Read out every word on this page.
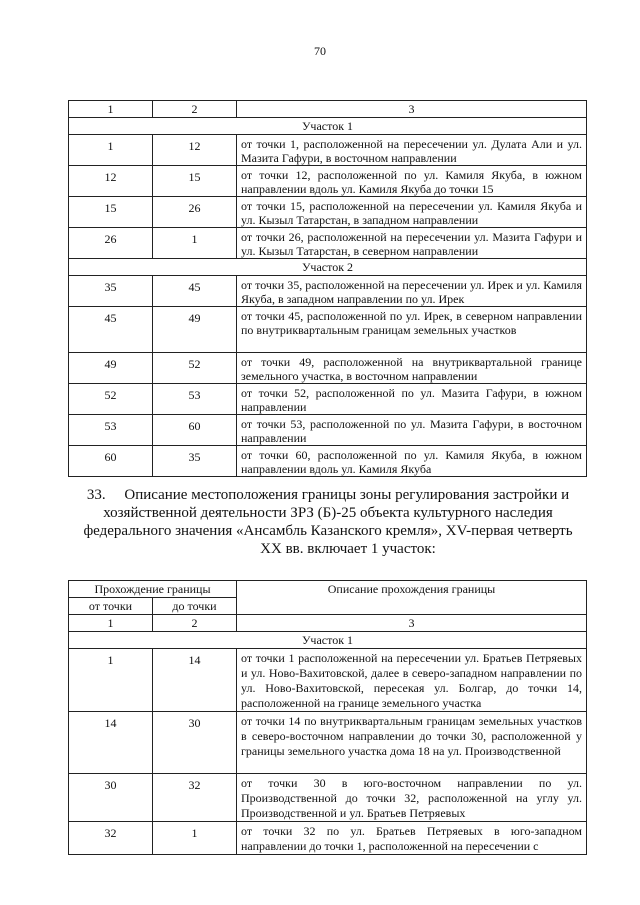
70
1	2	3
Участок 1		
1	12	от точки 1, расположенной на пересечении ул. Дулата Али и ул. Мазита Гафури, в восточном направлении
12	15	от точки 12, расположенной по ул. Камиля Якуба, в южном направлении вдоль ул. Камиля Якуба до точки 15
15	26	от точки 15, расположенной на пересечении ул. Камиля Якуба и ул. Кызыл Татарстан, в западном направлении
26	1	от точки 26, расположенной на пересечении ул. Мазита Гафури и ул. Кызыл Татарстан, в северном направлении
Участок 2		
35	45	от точки 35, расположенной на пересечении ул. Ирек и ул. Камиля Якуба, в западном направлении по ул. Ирек
45	49	от точки 45, расположенной по ул. Ирек, в северном направлении по внутриквартальным границам земельных участков
49	52	от точки 49, расположенной на внутриквартальной границе земельного участка, в восточном направлении
52	53	от точки 52, расположенной по ул. Мазита Гафури, в южном направлении
53	60	от точки 53, расположенной по ул. Мазита Гафури, в восточном направлении
60	35	от точки 60, расположенной по ул. Камиля Якуба, в южном направлении вдоль ул. Камиля Якуба
33.     Описание местоположения границы зоны регулирования застройки и
хозяйственной деятельности ЗРЗ (Б)-25 объекта культурного наследия
федерального значения «Ансамбль Казанского кремля», XV-первая четверть
XX вв. включает 1 участок:
Прохождение границы		Описание прохождения границы
от точки	до точки	
1	2	3
Участок 1		
1	14	от точки 1 расположенной на пересечении ул. Братьев Петряевых и ул. Ново-Вахитовской, далее в северо-западном направлении по ул. Ново-Вахитовской, пересекая ул. Болгар, до точки 14, расположенной на границе земельного участка
14	30	от точки 14 по внутриквартальным границам земельных участков в северо-восточном направлении до точки 30, расположенной у границы земельного участка дома 18 на ул. Производственной
30	32	от точки 30 в юго-восточном направлении по ул. Производственной до точки 32, расположенной на углу ул. Производственной и ул. Братьев Петряевых
32	1	от точки 32 по ул. Братьев Петряевых в юго-западном направлении до точки 1, расположенной на пересечении с
